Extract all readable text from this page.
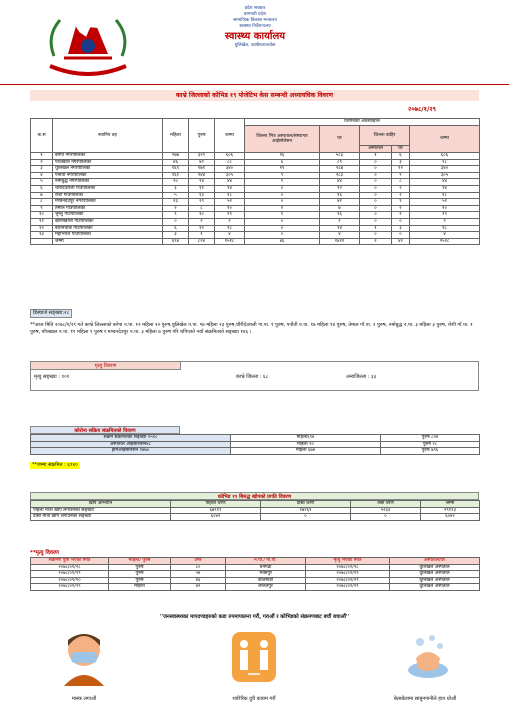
प्रदेश सरकार
बागमती प्रदेश
सामाजिक विकास मन्त्रालय
स्वास्थ्य निर्देशनालय
स्वास्थ्य कार्यालय
धुलिखेल, काभ्रेपलाञ्चोक
काभ्रे जिल्लाको कोभिड १९ पोजेटिभ केस सम्बन्धी अध्यावधिक विवरण
२०७८/१/२९
क.स	स्थानिय तह	महिला	पुरुष	जम्मा	विरामीको अवस्थाहाल				
					जिल्ला भित्र अस्पताल/संस्थागत आईसोलेसन	घर	जिल्ला बाहिर		जम्मा
							अस्पताल	घर	
१	बनेपा नगरपालिका	२७७	३२९	६०६	१६	५८३	१	६	६०६
२	पाँचखाल नगरपालिका	४६	४२	८८	६	८९	०	३	९८
३	धुलिखेल नगरपालिका	१६९	१७१	३४०	११	२८७	०	१२	३४०
४	पनौती नगरपालिका	१६१	१४४	३०५	९	२८३	०	९	३०५
५	नमोबुद्ध नगरपालिका	२०	२४	४४	२	४४	०	८	४४
६	चौरीदेउराली गाउँपालिका	३	११	१४	०	१२	०	२	१४
७	रोशी गाउँपालिका	५	१३	१८	०	१६	०	२	१८
८	मण्डनदेउपुर नगरपालिका	२३	२९	५२	०	४२	०	९	५२
९	तेमाल गाउँपालिका	२	८	१०	१	७	०	२	१०
१०	भुम्लु गाउँपालिका	९	१०	१९	१	१६	०	२	१९
११	खानीखोला गाउँपालिका	०	२	२	०	२	०	०	२
१२	बेथानचोक गाउँपालिका	६	१२	१८	०	१४	१	३	१८
१३	महाभारत गाउँपालिका	३	१	४	०	४	०	०	४
	जम्मा	६९४	८२४	१५१८	४६	१४२१	२	४२	१५१८
डिस्चार्ज सङ्ख्या:२८
**आज मिति २०७८/१/२९ गते काभ्रे जिल्लाको बनेपा न.पा. १२ महिला २२ पुरुष,धुलिखेल न.पा. १७ महिला २३ पुरुष,चौरीदेउराली गा.पा. १ पुरुष, पनौती न.पा. १७ महिला १४ पुरुष, तेमाल गाँ.पा. २ पुरुष, नमोबुद्ध न.पा. ३ महिला ३ पुरुष, रोशी गाँ.पा. १ पुरुष, पाँचखाल न.पा. ११ महिला ९ पुरुष र मण्डनदेउपुर न.पा. ३ महिला ७ पुरुष गरि थपिएको नयाँ संक्रमितको सङ्ख्या १४६ ।
मृत्यु विवरण
मृत्यु सङ्ख्या : १०१	काभ्रे जिल्ला : ६८	अन्यजिल्ला : ३३
कोरोना सक्रिय संक्रमितको विवरण
सक्रम संक्रमितको सङ्ख्या १५१८	महिला६९४	पुरुष ८२४
अस्पताल आईसोलेसन४८	महिला २०	पुरुष २८
होमआईसोलेसन १४७०	महिला ६७४	पुरुष ७९६
**जम्मा संक्रमित : ६९४०
कोभिड १९ बिरुद्ध खोपको प्रगति विवरण
खोप अभियान	पहिलो चरण	दोस्रो चरण	तेस्रो चरण	जम्मा
पहिलो मात्रा खोप लगाउनेको सङ्ख्या	६७९१९	१७२६१	५२३३	२९१९३
दोस्रो मात्रा खोप लगाउनेको सङ्ख्या	६०४२	०	०	६०४२
**मृत्यु विवरण
संक्रमण पुष्टि भएको मिति	महिला/ पुरुष	उमेर	न.पा./ गा.पा.	मृत्यु भएको मिति	अस्पताल/घर
२०७८/०१/२८	पुरुष	८०	धनगढी	२०७८/०१/२८	धुलिखेल अस्पताल
२०७८/०१/२९	पुरुष	५४	भक्तपुर	२०७८/०१/२९	धुलिखेल अस्पताल
२०७८/०१/१०	पुरुष	४६	काठमाडौं	२०७८/०१/२९	धुलिखेल अस्पताल
२०७८/०१/२९	महिला	४२	ललितपुर	२०७८/०१/२९	धुलिखेल अस्पताल
''जनस्वास्थ्यका मापदण्डहरुको कडा रुपमापालना गरौं, गराऔं र कोभिडको संक्रमणबाट बचौं बचाऔं''
मास्क लगाऔं	शारिरिक दुरी कायम गरौं	बेलाबेलामा साबुनपानीले हात धोऔं
